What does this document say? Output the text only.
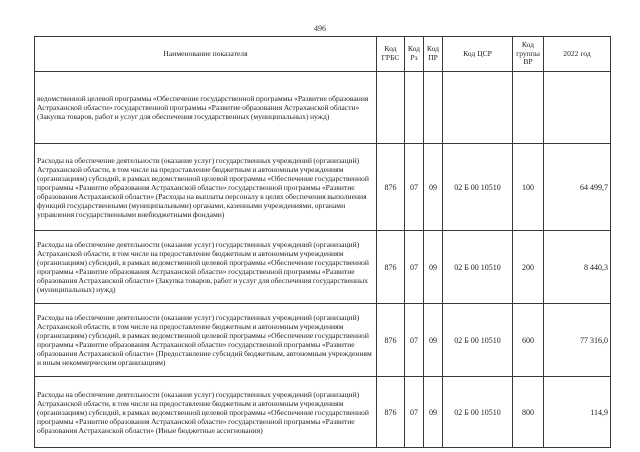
496
Наименование показателя	Код ГРБС	Код Рз	Код ПР	Код ЦСР	Код группы ВР	2022 год
ведомственной целевой программы «Обеспечение государственной программы «Развитие образования Астраханской области» государственной программы «Развитие образования Астраханской области» (Закупка товаров, работ и услуг для обеспечения государственных (муниципальных) нужд)						
Расходы на обеспечение деятельности (оказание услуг) государственных учреждений (организаций) Астраханской области, в том числе на предоставление бюджетным и автономным учреждениям (организациям) субсидий, в рамках ведомственной целевой программы «Обеспечение государственной программы «Развитие образования Астраханской области» государственной программы «Развитие образования Астраханской области» (Расходы на выплаты персоналу в целях обеспечения выполнения функций государственными (муниципальными) органами, казенными учреждениями, органами управления государственными внебюджетными фондами)	876	07	09	02 Б 00 10510	100	64 499,7
Расходы на обеспечение деятельности (оказание услуг) государственных учреждений (организаций) Астраханской области, в том числе на предоставление бюджетным и автономным учреждениям (организациям) субсидий, в рамках ведомственной целевой программы «Обеспечение государственной программы «Развитие образования Астраханской области» государственной программы «Развитие образования Астраханской области» (Закупка товаров, работ и услуг для обеспечения государственных (муниципальных) нужд)	876	07	09	02 Б 00 10510	200	8 440,3
Расходы на обеспечение деятельности (оказание услуг) государственных учреждений (организаций) Астраханской области, в том числе на предоставление бюджетным и автономным учреждениям (организациям) субсидий, в рамках ведомственной целевой программы «Обеспечение государственной программы «Развитие образования Астраханской области» государственной программы «Развитие образования Астраханской области» (Предоставление субсидий бюджетным, автономным учреждениям и иным некоммерческим организациям)	876	07	09	02 Б 00 10510	600	77 316,0
Расходы на обеспечение деятельности (оказание услуг) государственных учреждений (организаций) Астраханской области, в том числе на предоставление бюджетным и автономным учреждениям (организациям) субсидий, в рамках ведомственной целевой программы «Обеспечение государственной программы «Развитие образования Астраханской области» государственной программы «Развитие образования Астраханской области» (Иные бюджетные ассигнования)	876	07	09	02 Б 00 10510	800	114,9
